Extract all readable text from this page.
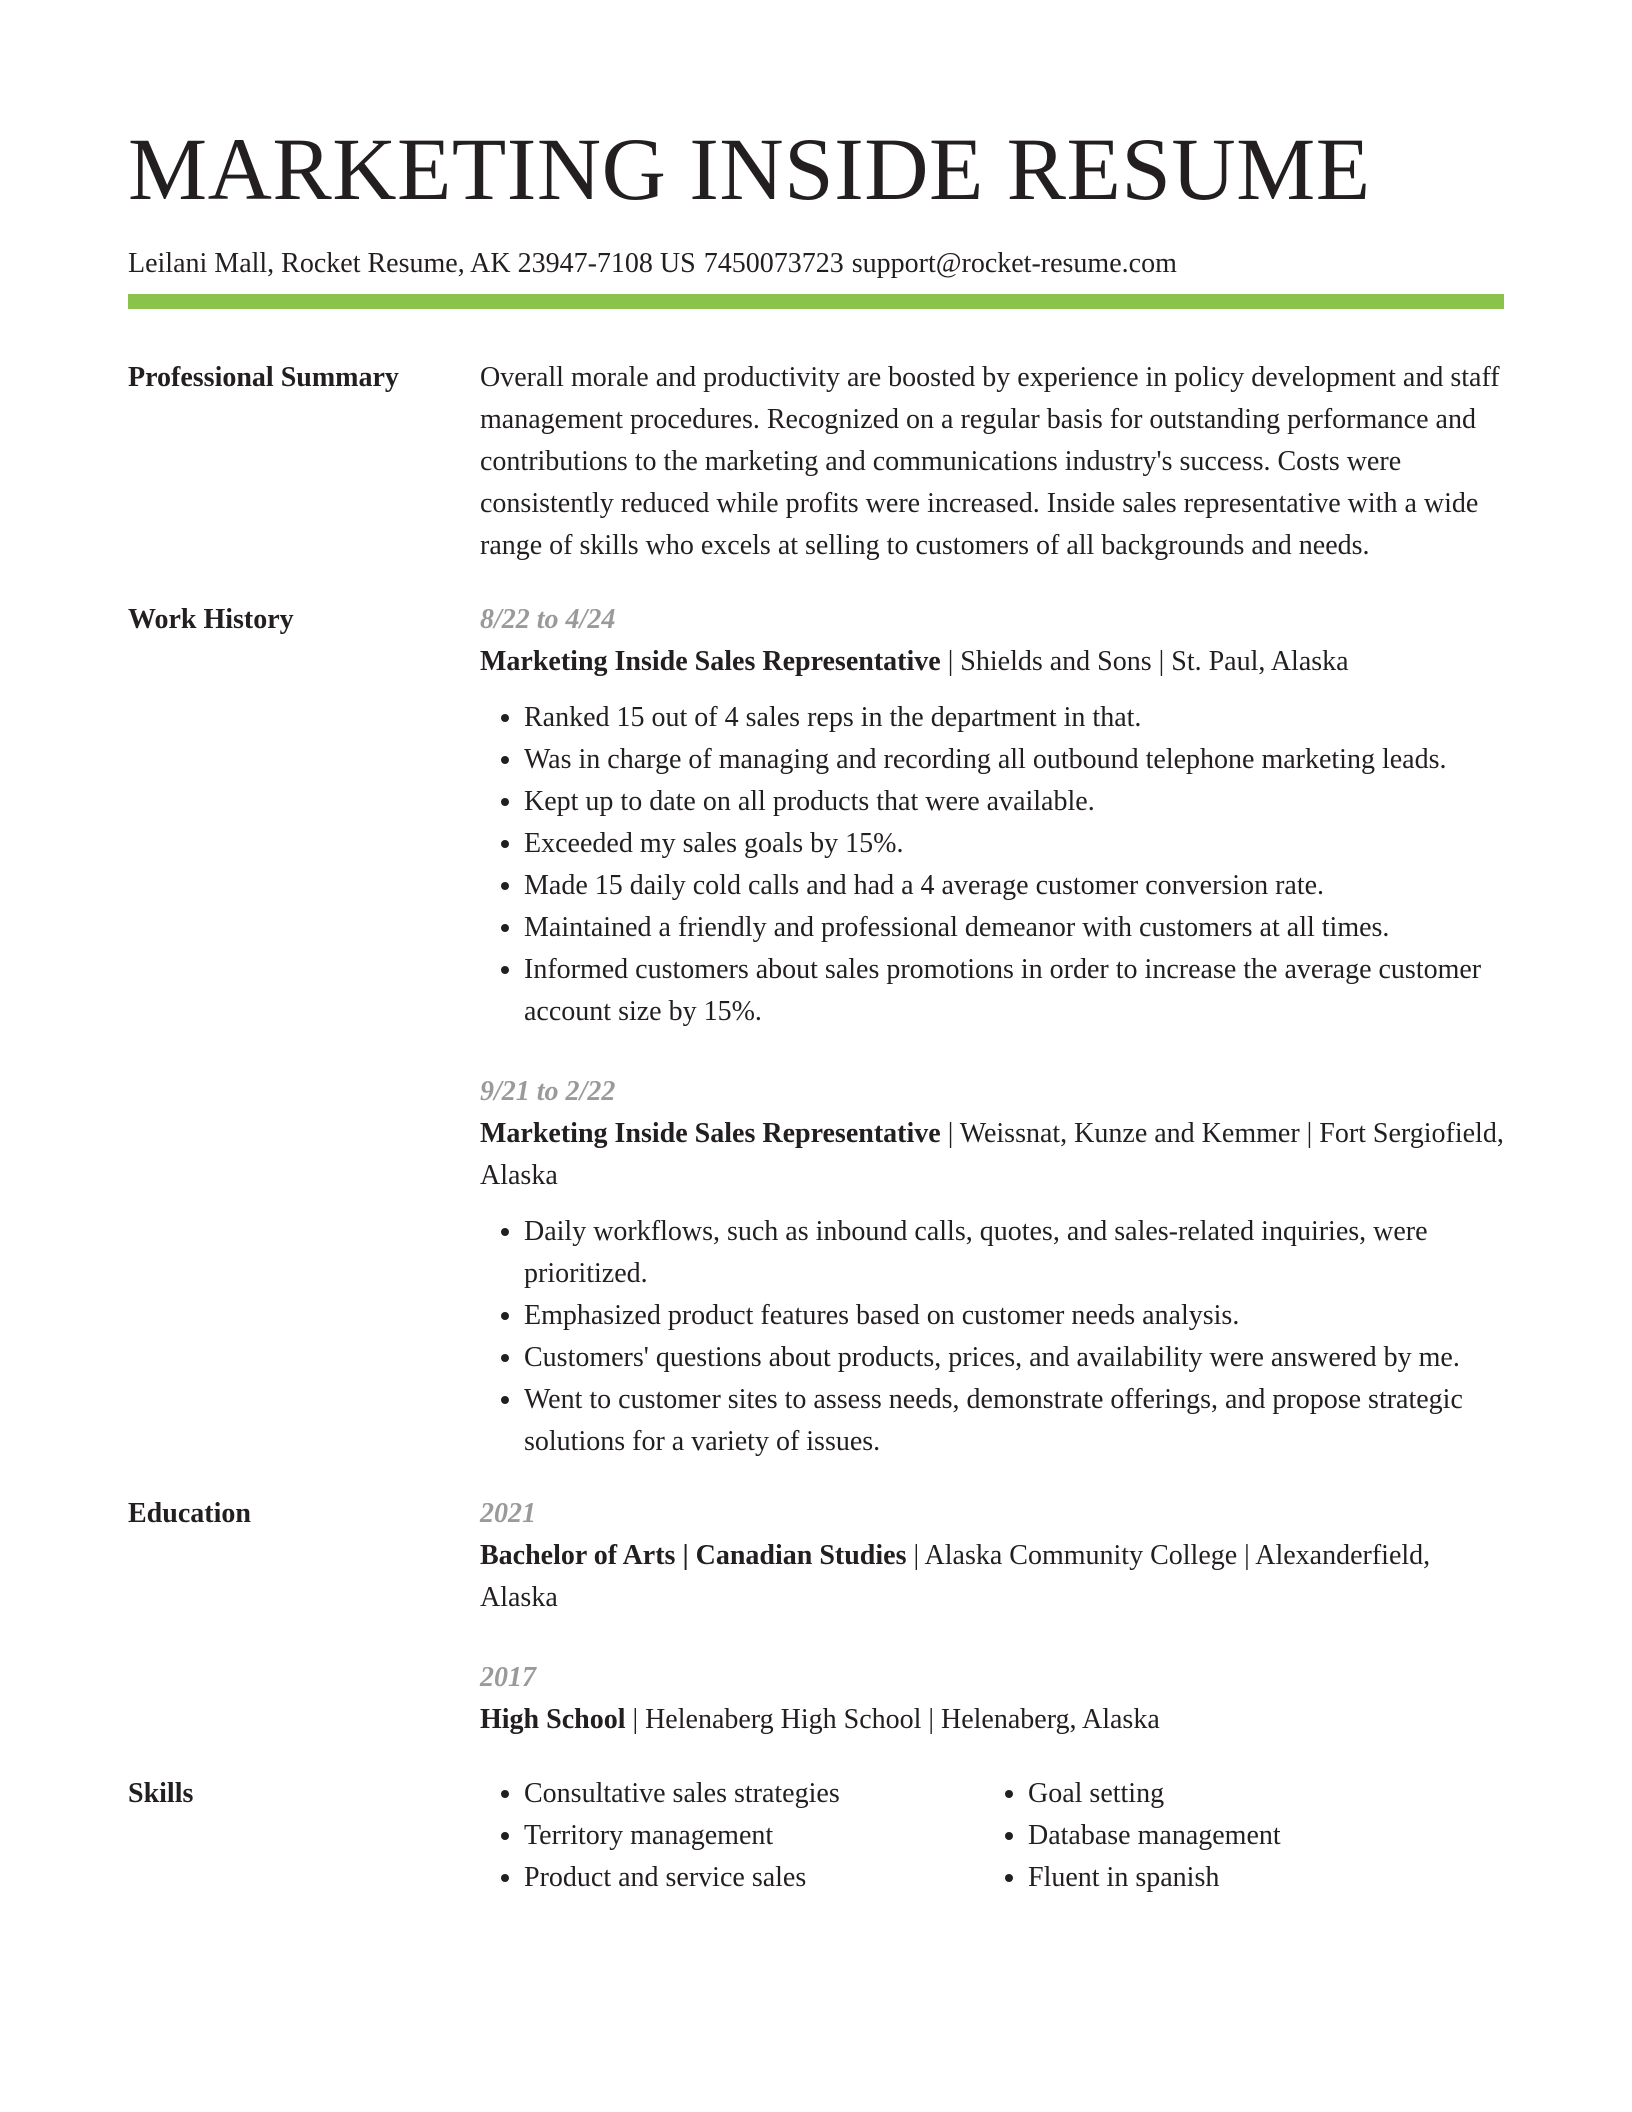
MARKETING INSIDE RESUME
Leilani Mall, Rocket Resume, AK 23947-7108 US 7450073723 support@rocket-resume.com
Professional Summary	Overall morale and productivity are boosted by experience in policy development and staff management procedures. Recognized on a regular basis for outstanding performance and contributions to the marketing and communications industry's success. Costs were consistently reduced while profits were increased. Inside sales representative with a wide range of skills who excels at selling to customers of all backgrounds and needs.

Work History	8/22 to 4/24
Marketing Inside Sales Representative | Shields and Sons | St. Paul, Alaska
• Ranked 15 out of 4 sales reps in the department in that.
• Was in charge of managing and recording all outbound telephone marketing leads.
• Kept up to date on all products that were available.
• Exceeded my sales goals by 15%.
• Made 15 daily cold calls and had a 4 average customer conversion rate.
• Maintained a friendly and professional demeanor with customers at all times.
• Informed customers about sales promotions in order to increase the average customer account size by 15%.
9/21 to 2/22
Marketing Inside Sales Representative | Weissnat, Kunze and Kemmer | Fort Sergiofield, Alaska
• Daily workflows, such as inbound calls, quotes, and sales-related inquiries, were prioritized.
• Emphasized product features based on customer needs analysis.
• Customers' questions about products, prices, and availability were answered by me.
• Went to customer sites to assess needs, demonstrate offerings, and propose strategic solutions for a variety of issues.
Education	2021
Bachelor of Arts | Canadian Studies | Alaska Community College | Alexanderfield, Alaska
2017
High School | Helenaberg High School | Helenaberg, Alaska
Skills
•	Consultative sales strategies
• Territory management
• Product and service sales
• Goal setting
• Database management
• Fluent in spanish
